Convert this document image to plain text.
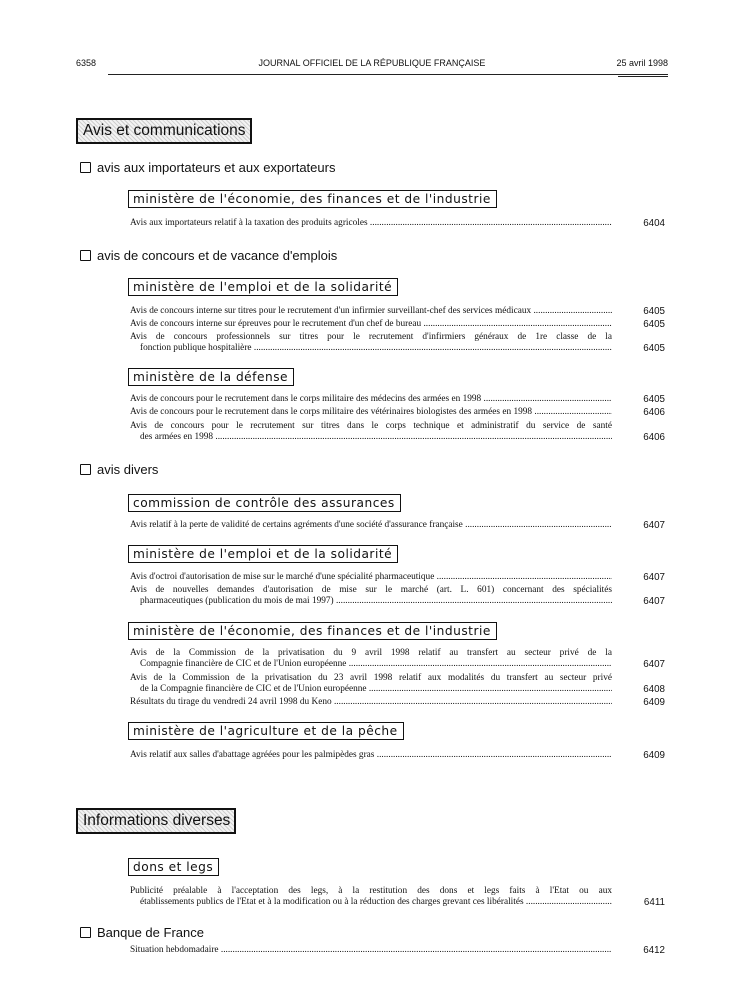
6358	JOURNAL OFFICIEL DE LA RÉPUBLIQUE FRANÇAISE	25 avril 1998
Avis et communications
avis aux importateurs et aux exportateurs
ministère de l'économie, des finances et de l'industrie
Avis aux importateurs relatif à la taxation des produits agricoles .....	6404
avis de concours et de vacance d'emplois
ministère de l'emploi et de la solidarité
Avis de concours interne sur titres pour le recrutement d'un infirmier surveillant-chef des services médicaux .....	6405
Avis de concours interne sur épreuves pour le recrutement d'un chef de bureau .....	6405
Avis de concours professionnels sur titres pour le recrutement d'infirmiers généraux de 1re classe de la
fonction publique hospitalière .....	6405
ministère de la défense
Avis de concours pour le recrutement dans le corps militaire des médecins des armées en 1998 .....	6405
Avis de concours pour le recrutement dans le corps militaire des vétérinaires biologistes des armées en 1998 .....	6406
Avis de concours pour le recrutement sur titres dans le corps technique et administratif du service de santé
des armées en 1998 .....	6406
avis divers
commission de contrôle des assurances
Avis relatif à la perte de validité de certains agréments d'une société d'assurance française .....	6407
ministère de l'emploi et de la solidarité
Avis d'octroi d'autorisation de mise sur le marché d'une spécialité pharmaceutique .....	6407
Avis de nouvelles demandes d'autorisation de mise sur le marché (art. L. 601) concernant des spécialités
pharmaceutiques (publication du mois de mai 1997) .....	6407
ministère de l'économie, des finances et de l'industrie
Avis de la Commission de la privatisation du 9 avril 1998 relatif au transfert au secteur privé de la
Compagnie financière de CIC et de l'Union européenne .....	6407
Avis de la Commission de la privatisation du 23 avril 1998 relatif aux modalités du transfert au secteur privé
de la Compagnie financière de CIC et de l'Union européenne .....	6408
Résultats du tirage du vendredi 24 avril 1998 du Keno .....	6409
ministère de l'agriculture et de la pêche
Avis relatif aux salles d'abattage agréées pour les palmipèdes gras .....	6409
Informations diverses
dons et legs
Publicité préalable à l'acceptation des legs, à la restitution des dons et legs faits à l'Etat ou aux
établissements publics de l'Etat et à la modification ou à la réduction des charges grevant ces libéralités .....	6411
Banque de France
Situation hebdomadaire .....	6412
